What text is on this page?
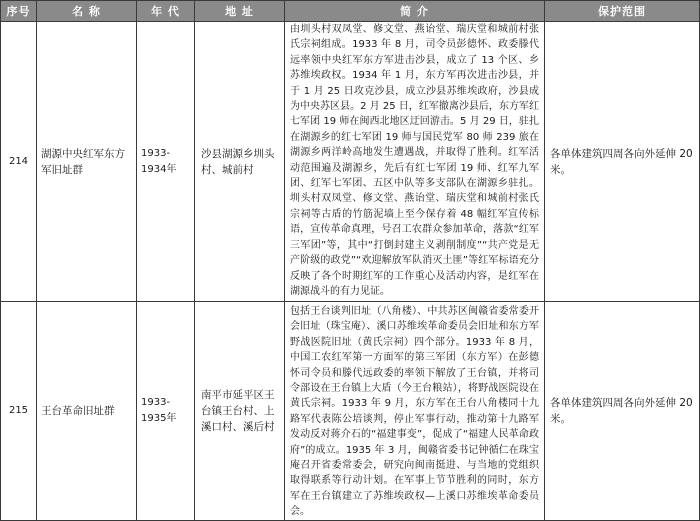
序号	名 称	年 代	地 址	简 介	保护范围
214	湖源中央红军东方军旧址群	1933-1934年	沙县湖源乡圳头村、城前村	由圳头村双凤堂、修文堂、燕诒堂、瑞庆堂和城前村张氏宗祠组成。1933 年 8 月，司令员彭德怀、政委滕代远率领中央红军东方军进击沙县，成立了 13 个区、乡苏维埃政权。1934 年 1 月，东方军再次进击沙县，并于 1 月 25 日攻克沙县，成立沙县苏维埃政府，沙县成为中央苏区县。2 月 25 日，红军撤离沙县后，东方军红七军团 19 师在闽西北地区迂回游击。5 月 29 日，驻扎在湖源乡的红七军团 19 师与国民党军 80 师 239 旅在湖源乡两洋岭高地发生遭遇战，并取得了胜利。红军活动范围遍及湖源乡，先后有红七军团 19 师、红军九军团、红军七军团、五区中队等多支部队在湖源乡驻扎。圳头村双凤堂、修文堂、燕诒堂、瑞庆堂和城前村张氏宗祠等古盾的竹筋泥墙上至今保存着 48 幅红军宣传标语，宣传革命真理，号召工农群众参加革命，落款“红军三军团”等，其中“打倒封建主义剥削制度”“共产党是无产阶级的政党”“欢迎解放军队消灭土匪”等红军标语充分反映了各个时期红军的工作重心及活动内容，是红军在湖源战斗的有力见证。	各单体建筑四周各向外延伸 20 米。
215	王台革命旧址群	1933-1935年	南平市延平区王台镇王台村、上溪口村、溪后村	包括王台谈判旧址（八角楼）、中共苏区闽赣省委常委开会旧址（珠宝庵）、溪口苏维埃革命委员会旧址和东方军野战医院旧址（黄氏宗祠）四个部分。1933 年 8 月，中国工农红军第一方面军的第三军团（东方军）在彭德怀司令员和滕代远政委的率领下解放了王台镇，并将司令部设在王台镇上大盾（今王台粮站），将野战医院设在黄氏宗祠。1933 年 9 月，东方军在王台八角楼同十九路军代表陈公培谈判，停止军事行动，推动第十九路军发动反对蒋介石的“福建事变”，促成了“福建人民革命政府”的成立。1935 年 3 月，闽赣省委书记钟循仁在珠宝庵召开省委常委会，研究向闽南挺进、与当地的党组织取得联系等行动计划。在军事上节节胜利的同时，东方军在王台镇建立了苏维埃政权—上溪口苏维埃革命委员会。	各单体建筑四周各向外延伸 20 米。
